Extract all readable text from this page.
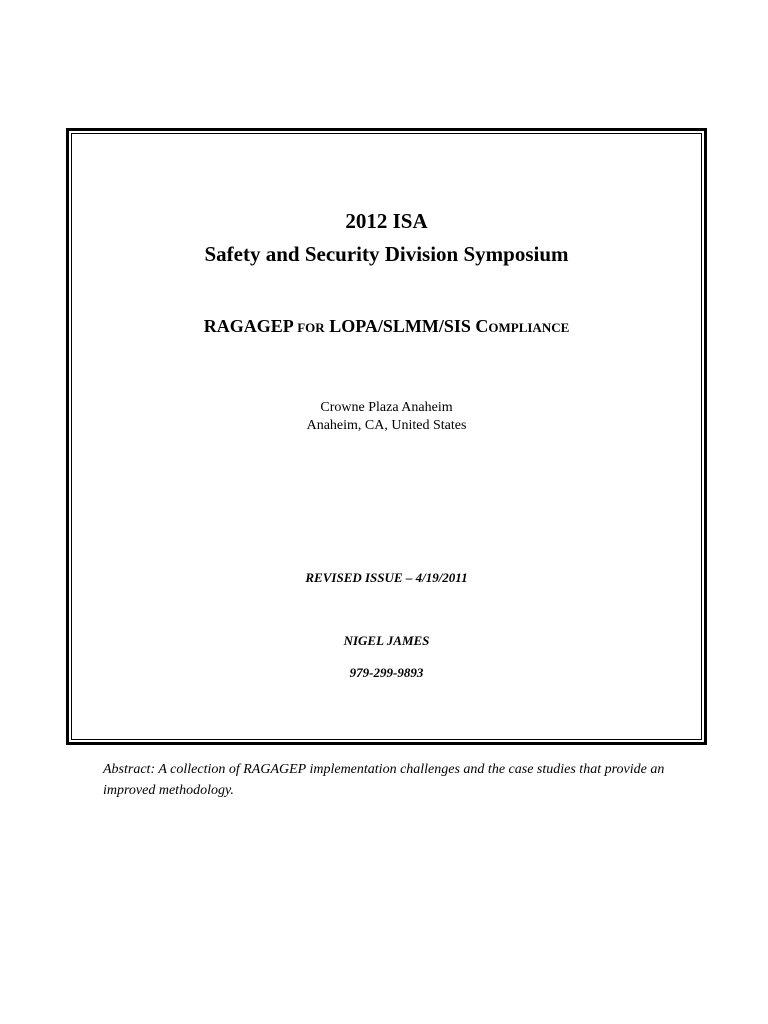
2012 ISA
Safety and Security Division Symposium
RAGAGEP FOR LOPA/SLMM/SIS COMPLIANCE
Crowne Plaza Anaheim
Anaheim, CA, United States
REVISED ISSUE – 4/19/2011
NIGEL JAMES
979-299-9893
Abstract: A collection of RAGAGEP implementation challenges and the case studies that provide an improved methodology.
